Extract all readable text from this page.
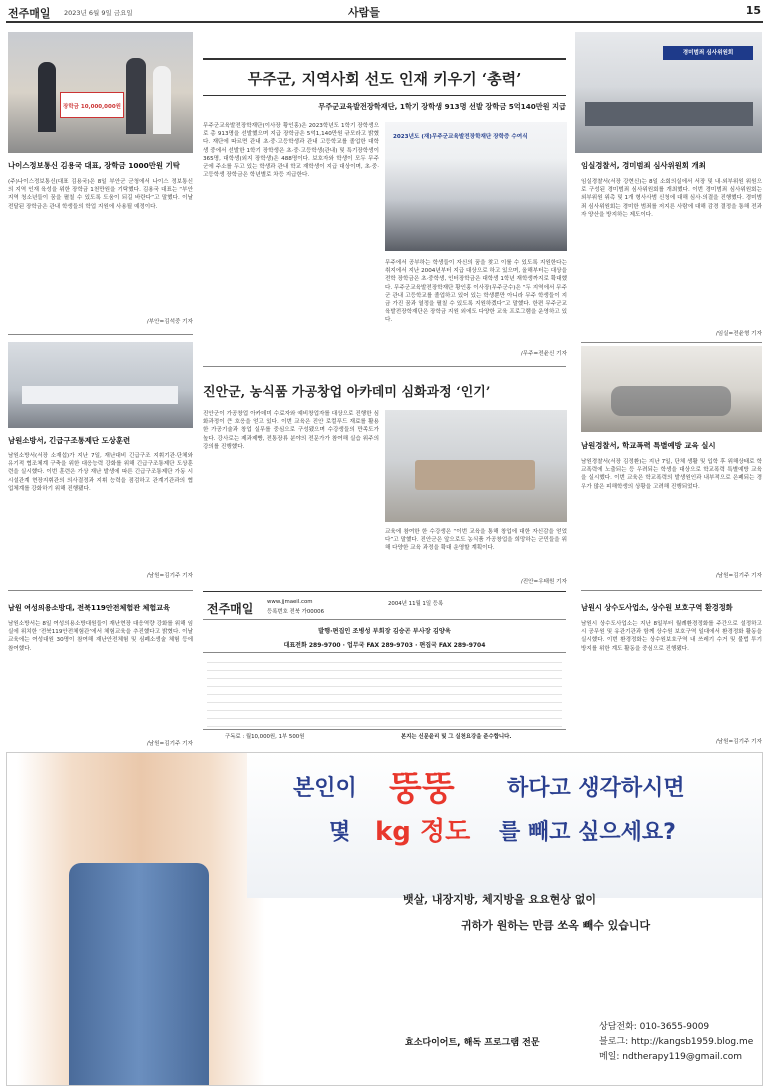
전주매일 2023년 6월 9일 금요일	사람들	15
장학금 10,000,000원
나이스정보통신 김용국 대표, 장학금 1000만원 기탁
(주)나이스정보통신(대표 김용국)은 8일 부안군 군청에서 나이스 정보통신의 지역 인재 육성을 위한 장학금 1천만원을 기탁했다. 김용국 대표는 “부안지역 청소년들이 꿈을 펼칠 수 있도록 도움이 되길 바란다”고 말했다. 이날 전달된 장학금은 관내 학생들의 학업 지원에 사용될 예정이다.
/부안=김석중 기자
남원소방서, 긴급구조통제단 도상훈련
남원소방서(서장 소재섭)가 지난 7일, 재난대비 긴급구조 지휘기관·단체와 유기적 협조체계 구축을 위한 대응능력 강화를 위해 긴급구조통제단 도상훈련을 실시했다. 이번 훈련은 가상 재난 발생에 따른 긴급구조통제단 가동 시 시설관계 현장지휘관의 의사결정과 지휘 능력을 점검하고 관계기관과의 협업체계를 강화하기 위해 진행됐다.
/남원=김기주 기자
남원 여성의용소방대, 전북119안전체험관 체험교육
남원소방서는 8일 여성의용소방대원들이 재난현장 대응역량 강화를 위해 임실에 위치한 ‘전북119안전체험관’에서 체험교육을 추진했다고 밝혔다. 이날 교육에는 여성대원 30명이 참여해 재난안전체험 및 심폐소생술 체험 등에 참여했다.
/남원=김기주 기자
무주군, 지역사회 선도 인재 키우기 ‘총력’
무주군교육발전장학재단, 1학기 장학생 913명 선발 장학금 5억140만원 지급
무주군교육발전장학재단(이사장 황인홍)은 2023학년도 1학기 장학생으로 총 913명을 선발했으며 지급 장학금은 5억1,140만원 규모라고 밝혔다. 재단에 따르면 관내 초·중·고등학생과 관내 고등학교를 졸업한 대학생 중에서 선발한 1학기 장학생은 초·중·고등학생(관내) 및 특기장학생이 365명, 대학생(외지 장학생)은 488명이다. 보호자와 학생이 모두 무주군에 주소를 두고 있는 학생과 관내 학교 재학생이 지급 대상이며, 초·중·고등학생 장학금은 학년별로 차등 지급한다.
2023년도 (재)무주군교육발전장학재단 장학증 수여식
무주에서 공부하는 학생들이 자신의 꿈을 찾고 이룰 수 있도록 지원한다는 취지에서 지난 2004년부터 지급 대상으로 하고 있으며, 올해부터는 대상을 전학 장학금은 초·중학생, 인터장학금은 대학생 1학년 재학생까지로 확대했다. 무주군교육발전장학재단 황인홍 이사장(무주군수)은 “두 지역에서 무주군 관내 고등학교를 졸업하고 있어 있는 학생뿐만 아니라 무주 학생들이 지금 가진 꿈과 열정을 펼칠 수 있도록 지원하겠다”고 말했다. 한편 무주군교육발전장학재단은 장학금 지원 외에도 다양한 교육 프로그램을 운영하고 있다.
/무주=전윤신 기자
진안군, 농식품 가공창업 아카데미 심화과정 ‘인기’
진안군이 가공창업 아카데미 수료자와 예비창업자를 대상으로 진행한 심화과정이 큰 호응을 얻고 있다. 이번 교육은 진안 로컬푸드 재료를 활용한 가공기술과 창업 실무를 중심으로 구성됐으며 수강생들의 만족도가 높다. 강사로는 제과제빵, 전통장류 분야의 전문가가 참여해 실습 위주의 강의를 진행했다.
교육에 참여한 한 수강생은 “이번 교육을 통해 창업에 대한 자신감을 얻었다”고 말했다. 진안군은 앞으로도 농식품 가공창업을 희망하는 군민들을 위해 다양한 교육 과정을 확대 운영할 계획이다.
/진안=우태원 기자
전주매일	www.jjmaeil.com
등록번호 전북 가00006
2004년 11월 1일 등록
발행·편집인 조병성 부회장 김승곤 부사장 김양욱
대표전화 289-9700 · 업무국 FAX 289-9703 · 편집국 FAX 289-9704
구독료 : 월10,000원, 1부 500원	본지는 신문윤리 및 그 실천요강을 준수합니다.
경미범죄 심사위원회
임실경찰서, 경미범죄 심사위원회 개최
임실경찰서(서장 강현신)는 8일 소회의실에서 서장 및 내·외부위원 위원으로 구성된 경미범죄 심사위원회를 개최했다. 이번 경미범죄 심사위원회는 외부위원 위촉 및 1개 형사사범 신청에 대해 심사·의결을 진행했다. 경미범죄 심사위원회는 경미한 범죄를 저지른 사람에 대해 감경 결정을 통해 전과자 양산을 방지하는 제도이다.
/임실=전윤형 기자
남원경찰서, 학교폭력 특별예방 교육 실시
남원경찰서(서장 김정환)는 지난 7일, 단체 생활 및 입학 후 위해상태로 학교폭력에 노출되는 등 우려되는 학생을 대상으로 학교폭력 특별예방 교육을 실시했다. 이번 교육은 학교폭력의 발생원인과 내부적으로 은폐되는 경우가 많은 피해학생의 상황을 고려해 진행되었다.
/남원=김기주 기자
남원시 상수도사업소, 상수원 보호구역 환경정화
남원시 상수도사업소는 지난 8일부터 월례환경정화를 주간으로 설정하고 시 공무원 및 유관기관과 함께 상수원 보호구역 일대에서 환경정화 활동을 실시했다. 이번 환경정화는 상수원보호구역 내 쓰레기 수거 및 불법 투기 방지를 위한 계도 활동을 중심으로 진행됐다.
/남원=김기주 기자
본인이 뚱뚱 하다고 생각하시면
몇 kg 정도 를 빼고 싶으세요?
뱃살, 내장지방, 체지방을 요요현상 없이
귀하가 원하는 만큼 쏘옥 빼수 있습니다
효소다이어트, 해독 프로그램 전문
상담전화: 010-3655-9009
블로그: http://kangsb1959.blog.me
메일: ndtherapy119@gmail.com
